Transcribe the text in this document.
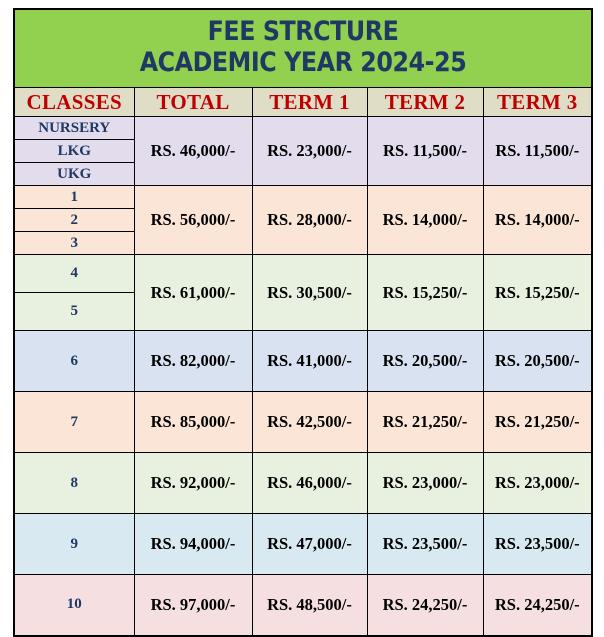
FEE STRCTURE
ACADEMIC YEAR 2024-25				

CLASSES	TOTAL	TERM 1	TERM 2	TERM 3
NURSERY	RS. 46,000/-	RS. 23,000/-	RS. 11,500/-	RS. 11,500/-
LKG				
UKG				
1	RS. 56,000/-	RS. 28,000/-	RS. 14,000/-	RS. 14,000/-
2				
3				
4	RS. 61,000/-	RS. 30,500/-	RS. 15,250/-	RS. 15,250/-
5				
6	RS. 82,000/-	RS. 41,000/-	RS. 20,500/-	RS. 20,500/-
7	RS. 85,000/-	RS. 42,500/-	RS. 21,250/-	RS. 21,250/-
8	RS. 92,000/-	RS. 46,000/-	RS. 23,000/-	RS. 23,000/-
9	RS. 94,000/-	RS. 47,000/-	RS. 23,500/-	RS. 23,500/-
10	RS. 97,000/-	RS. 48,500/-	RS. 24,250/-	RS. 24,250/-
